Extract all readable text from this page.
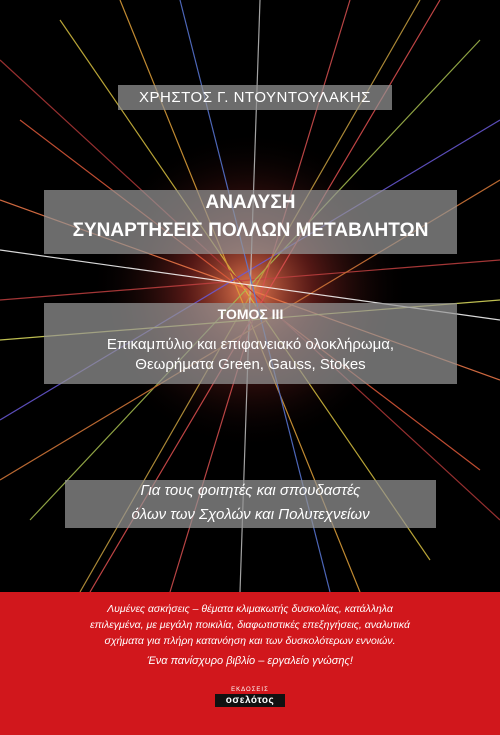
ΧΡΗΣΤΟΣ Γ. ΝΤΟΥΝΤΟΥΛΑΚΗΣ
ΑΝΑΛΥΣΗ
ΣΥΝΑΡΤΗΣΕΙΣ ΠΟΛΛΩΝ ΜΕΤΑΒΛΗΤΩΝ
ΤΟΜΟΣ III
Επικαμπύλιο και επιφανειακό ολοκλήρωμα,
Θεωρήματα Green, Gauss, Stokes
Για τους φοιτητές και σπουδαστές
όλων των Σχολών και Πολυτεχνείων
Λυμένες ασκήσεις – θέματα κλιμακωτής δυσκολίας, κατάλληλα
επιλεγμένα, με μεγάλη ποικιλία, διαφωτιστικές επεξηγήσεις, αναλυτικά
σχήματα για πλήρη κατανόηση και των δυσκολότερων εννοιών.
Ένα πανίσχυρο βιβλίο – εργαλείο γνώσης!
ΕΚΔΟΣΕΙΣ
οσελότος
